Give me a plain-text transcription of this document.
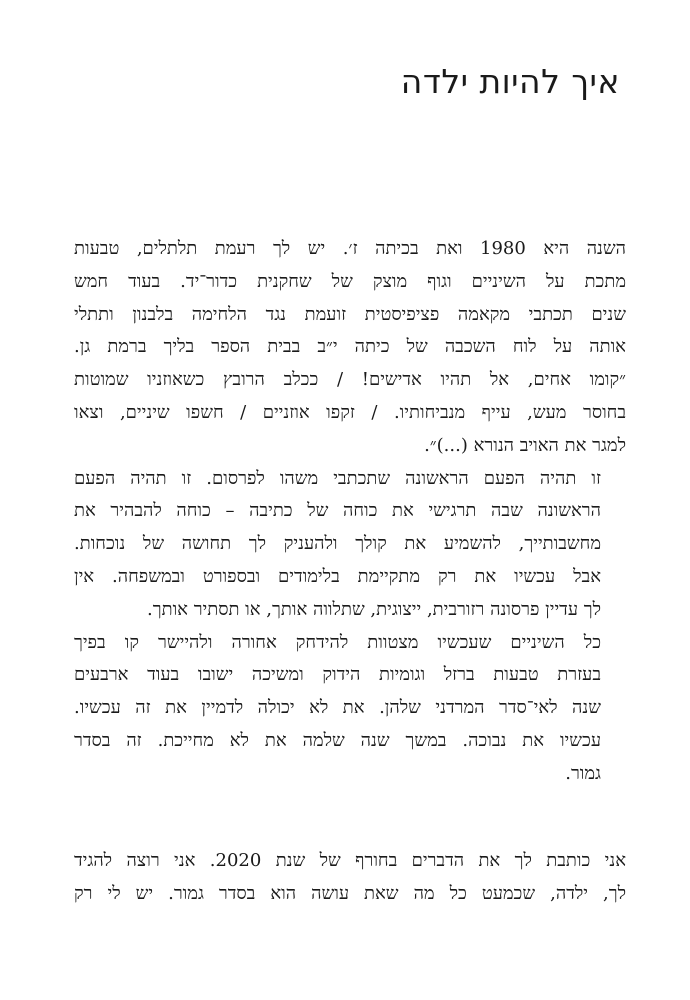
איך להיות ילדה

השנה היא 1980 ואת בכיתה ז׳. יש לך רעמת תלתלים, טבעות
מתכת על השיניים וגוף מוצק של שחקנית כדור־יד. בעוד חמש
שנים תכתבי מקאמה פציפיסטית זועמת נגד הלחימה בלבנון ותתלי
אותה על לוח השכבה של כיתה י״ב בבית הספר בליך ברמת גן.
״קומו אחים, אל תהיו אדישים! / ככלב הרובץ כשאוזניו שמוטות
בחוסר מעש, עייף מנביחותיו. / זקפו אוזניים / חשפו שיניים, וצאו
למגר את האויב הנורא (...)״.

זו תהיה הפעם הראשונה שתכתבי משהו לפרסום. זו תהיה הפעם
הראשונה שבה תרגישי את כוחה של כתיבה – כוחה להבהיר את
מחשבותייך, להשמיע את קולך ולהעניק לך תחושה של נוכחות.
אבל עכשיו את רק מתקיימת בלימודים ובספורט ובמשפחה. אין
לך עדיין פרסונה רזורבית, ייצוגית, שתלווה אותך, או תסתיר אותך.

כל השיניים שעכשיו מצטוות להידחק אחורה ולהיישר קו בפיך
בעזרת טבעות ברזל וגומיות הידוק ומשיכה ישובו בעוד ארבעים
שנה לאי־סדר המרדני שלהן. את לא יכולה לדמיין את זה עכשיו.
עכשיו את נבוכה. במשך שנה שלמה את לא מחייכת. זה בסדר
גמור.

אני כותבת לך את הדברים בחורף של שנת 2020. אני רוצה להגיד
לך, ילדה, שכמעט כל מה שאת עושה הוא בסדר גמור. יש לי רק
